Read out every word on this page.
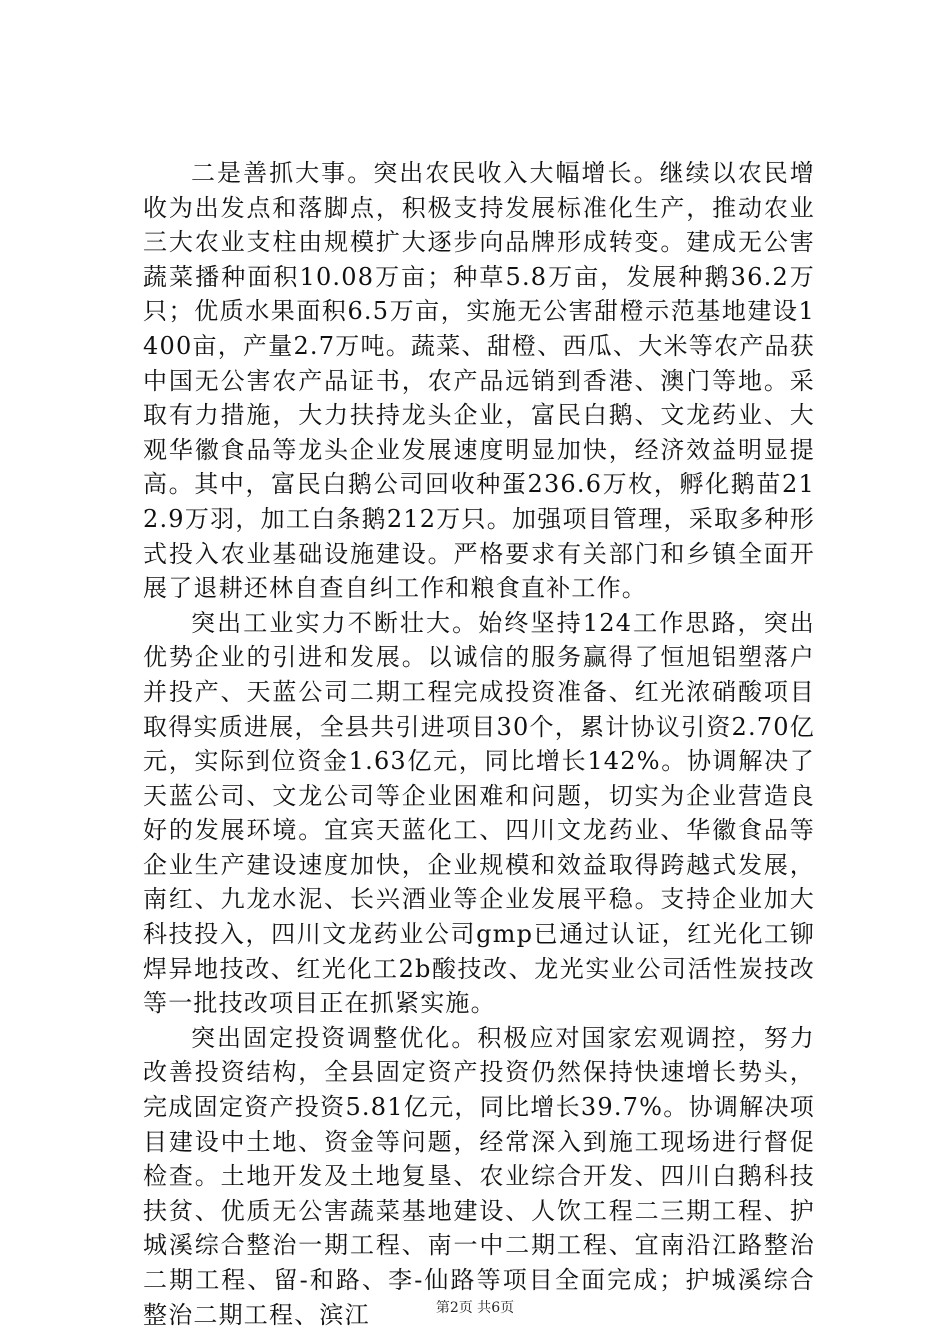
二是善抓大事。突出农民收入大幅增长。继续以农民增收为出发点和落脚点，积极支持发展标准化生产，推动农业三大农业支柱由规模扩大逐步向品牌形成转变。建成无公害蔬菜播种面积10.08万亩；种草5.8万亩，发展种鹅36.2万只；优质水果面积6.5万亩，实施无公害甜橙示范基地建设1400亩，产量2.7万吨。蔬菜、甜橙、西瓜、大米等农产品获中国无公害农产品证书，农产品远销到香港、澳门等地。采取有力措施，大力扶持龙头企业，富民白鹅、文龙药业、大观华徽食品等龙头企业发展速度明显加快，经济效益明显提高。其中，富民白鹅公司回收种蛋236.6万枚，孵化鹅苗212.9万羽，加工白条鹅212万只。加强项目管理，采取多种形式投入农业基础设施建设。严格要求有关部门和乡镇全面开展了退耕还林自查自纠工作和粮食直补工作。

突出工业实力不断壮大。始终坚持124工作思路，突出优势企业的引进和发展。以诚信的服务赢得了恒旭铝塑落户并投产、天蓝公司二期工程完成投资准备、红光浓硝酸项目取得实质进展，全县共引进项目30个，累计协议引资2.70亿元，实际到位资金1.63亿元，同比增长142%。协调解决了天蓝公司、文龙公司等企业困难和问题，切实为企业营造良好的发展环境。宜宾天蓝化工、四川文龙药业、华徽食品等企业生产建设速度加快，企业规模和效益取得跨越式发展，南红、九龙水泥、长兴酒业等企业发展平稳。支持企业加大科技投入，四川文龙药业公司gmp已通过认证，红光化工铆焊异地技改、红光化工2b酸技改、龙光实业公司活性炭技改等一批技改项目正在抓紧实施。

突出固定投资调整优化。积极应对国家宏观调控，努力改善投资结构，全县固定资产投资仍然保持快速增长势头，完成固定资产投资5.81亿元，同比增长39.7%。协调解决项目建设中土地、资金等问题，经常深入到施工现场进行督促检查。土地开发及土地复垦、农业综合开发、四川白鹅科技扶贫、优质无公害蔬菜基地建设、人饮工程二三期工程、护城溪综合整治一期工程、南一中二期工程、宜南沿江路整治二期工程、留-和路、李-仙路等项目全面完成；护城溪综合整治二期工程、滨江	第2页 共6页
